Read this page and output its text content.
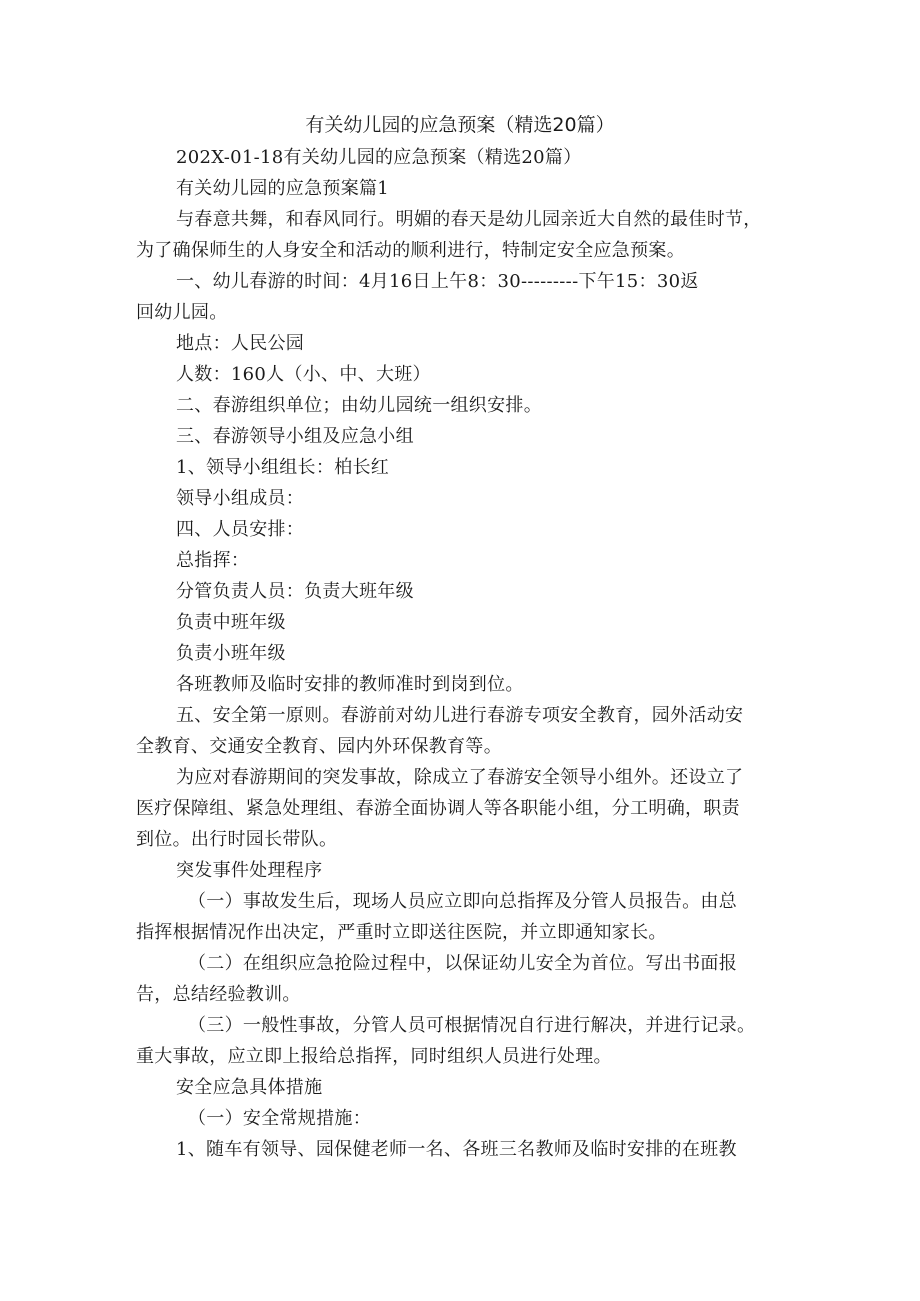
有关幼儿园的应急预案（精选20篇）
202X-01-18有关幼儿园的应急预案（精选20篇）
有关幼儿园的应急预案篇1
与春意共舞，和春风同行。明媚的春天是幼儿园亲近大自然的最佳时节，
为了确保师生的人身安全和活动的顺利进行，特制定安全应急预案。
一、幼儿春游的时间：4月16日上午8：30---------下午15：30返
回幼儿园。
地点：人民公园
人数：160人（小、中、大班）
二、春游组织单位；由幼儿园统一组织安排。
三、春游领导小组及应急小组
1、领导小组组长：柏长红
领导小组成员：
四、人员安排：
总指挥：
分管负责人员：负责大班年级
负责中班年级
负责小班年级
各班教师及临时安排的教师准时到岗到位。
五、安全第一原则。春游前对幼儿进行春游专项安全教育，园外活动安
全教育、交通安全教育、园内外环保教育等。
为应对春游期间的突发事故，除成立了春游安全领导小组外。还设立了
医疗保障组、紧急处理组、春游全面协调人等各职能小组，分工明确，职责
到位。出行时园长带队。
突发事件处理程序
（一）事故发生后，现场人员应立即向总指挥及分管人员报告。由总
指挥根据情况作出决定，严重时立即送往医院，并立即通知家长。
（二）在组织应急抢险过程中，以保证幼儿安全为首位。写出书面报
告，总结经验教训。
（三）一般性事故，分管人员可根据情况自行进行解决，并进行记录。
重大事故，应立即上报给总指挥，同时组织人员进行处理。
安全应急具体措施
（一）安全常规措施：
1、随车有领导、园保健老师一名、各班三名教师及临时安排的在班教
